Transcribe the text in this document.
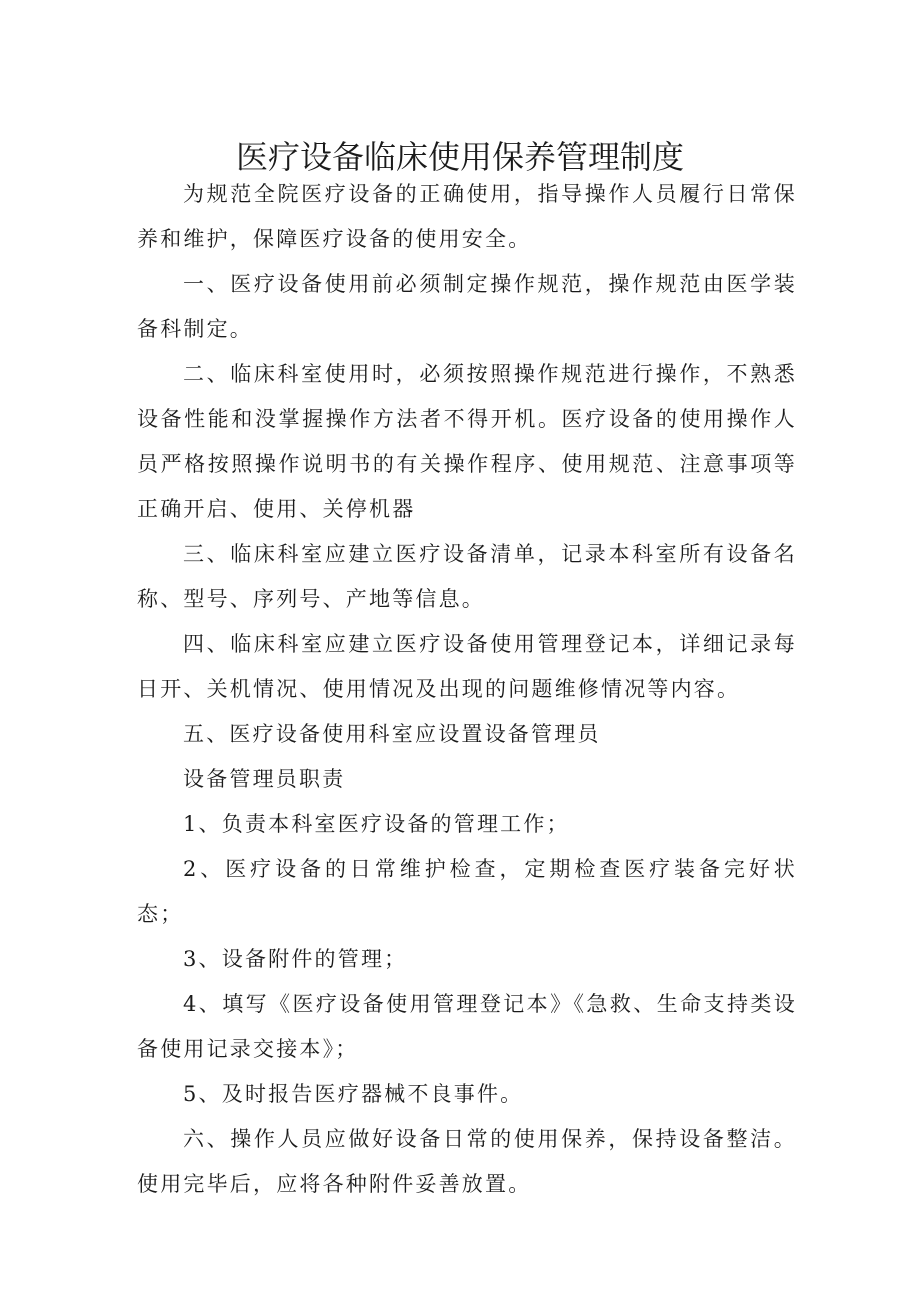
医疗设备临床使用保养管理制度

为规范全院医疗设备的正确使用，指导操作人员履行日常保养和维护，保障医疗设备的使用安全。

一、医疗设备使用前必须制定操作规范，操作规范由医学装备科制定。

二、临床科室使用时，必须按照操作规范进行操作，不熟悉设备性能和没掌握操作方法者不得开机。医疗设备的使用操作人员严格按照操作说明书的有关操作程序、使用规范、注意事项等正确开启、使用、关停机器

三、临床科室应建立医疗设备清单，记录本科室所有设备名称、型号、序列号、产地等信息。

四、临床科室应建立医疗设备使用管理登记本，详细记录每日开、关机情况、使用情况及出现的问题维修情况等内容。

五、医疗设备使用科室应设置设备管理员

设备管理员职责

1、负责本科室医疗设备的管理工作；

2、医疗设备的日常维护检查，定期检查医疗装备完好状态；

3、设备附件的管理；

4、填写《医疗设备使用管理登记本》《急救、生命支持类设备使用记录交接本》；

5、及时报告医疗器械不良事件。

六、操作人员应做好设备日常的使用保养，保持设备整洁。使用完毕后，应将各种附件妥善放置。
